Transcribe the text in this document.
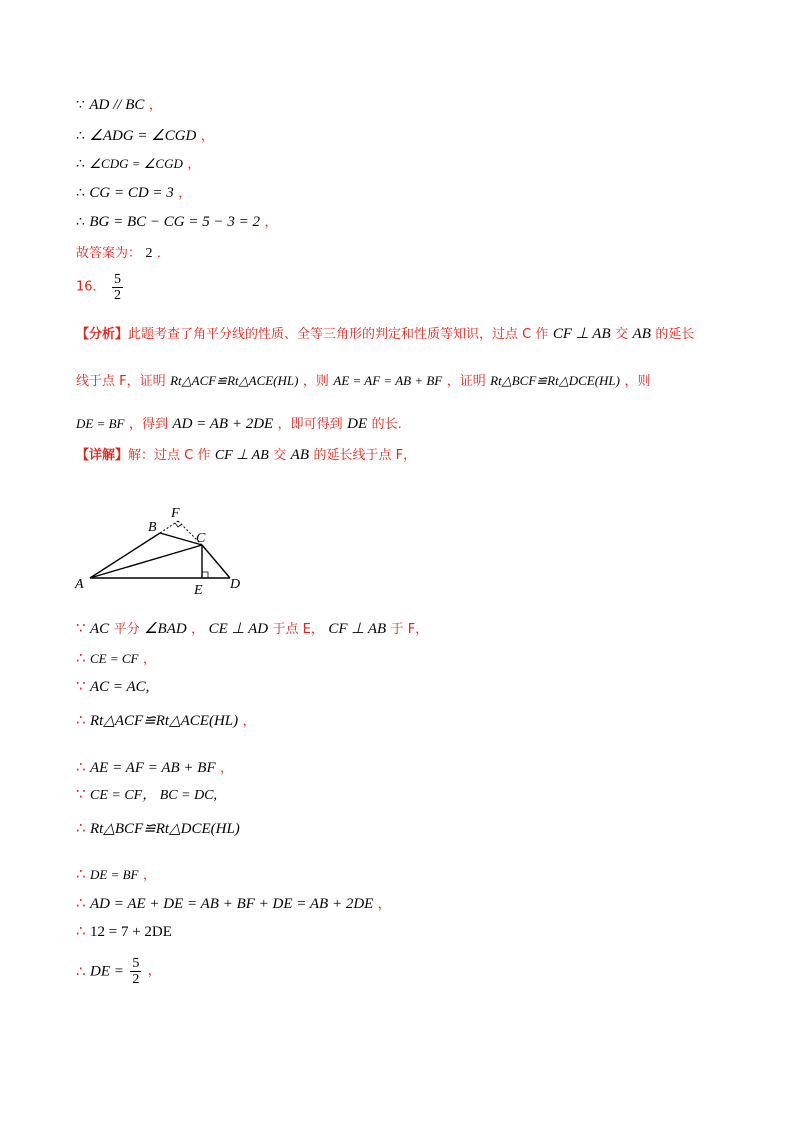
∵ AD // BC ，
∴ ∠ADG = ∠CGD ，
∴ ∠CDG = ∠CGD ，
∴ CG = CD = 3 ，
∴ BG = BC − CG = 5 − 3 = 2 ，
故答案为： 2 ．
16． $\frac{5}{2}$
【分析】此题考查了角平分线的性质、全等三角形的判定和性质等知识，过点 C 作 CF ⊥ AB 交 AB 的延长
线于点 F，证明 Rt△ACF≌Rt△ACE(HL) ，则 AE = AF = AB + BF ，证明 Rt△BCF≌Rt△DCE(HL) ，则
DE = BF ，得到 AD = AB + 2DE ，即可得到 DE 的长.
【详解】解：过点 C 作 CF ⊥ AB 交 AB 的延长线于点 F，
A
B
C
D
E
F
∵ AC 平分 ∠BAD ， CE ⊥ AD 于点 E， CF ⊥ AB 于 F，
∴ CE = CF ，
∵ AC = AC,
∴ Rt△ACF≌Rt△ACE(HL) ，
∴ AE = AF = AB + BF ，
∵ CE = CF， BC = DC,
∴ Rt△BCF≌Rt△DCE(HL)
∴ DE = BF ，
∴ AD = AE + DE = AB + BF + DE = AB + 2DE ，
∴ 12 = 7 + 2DE
∴ DE = $\frac{5}{2}$ ，
